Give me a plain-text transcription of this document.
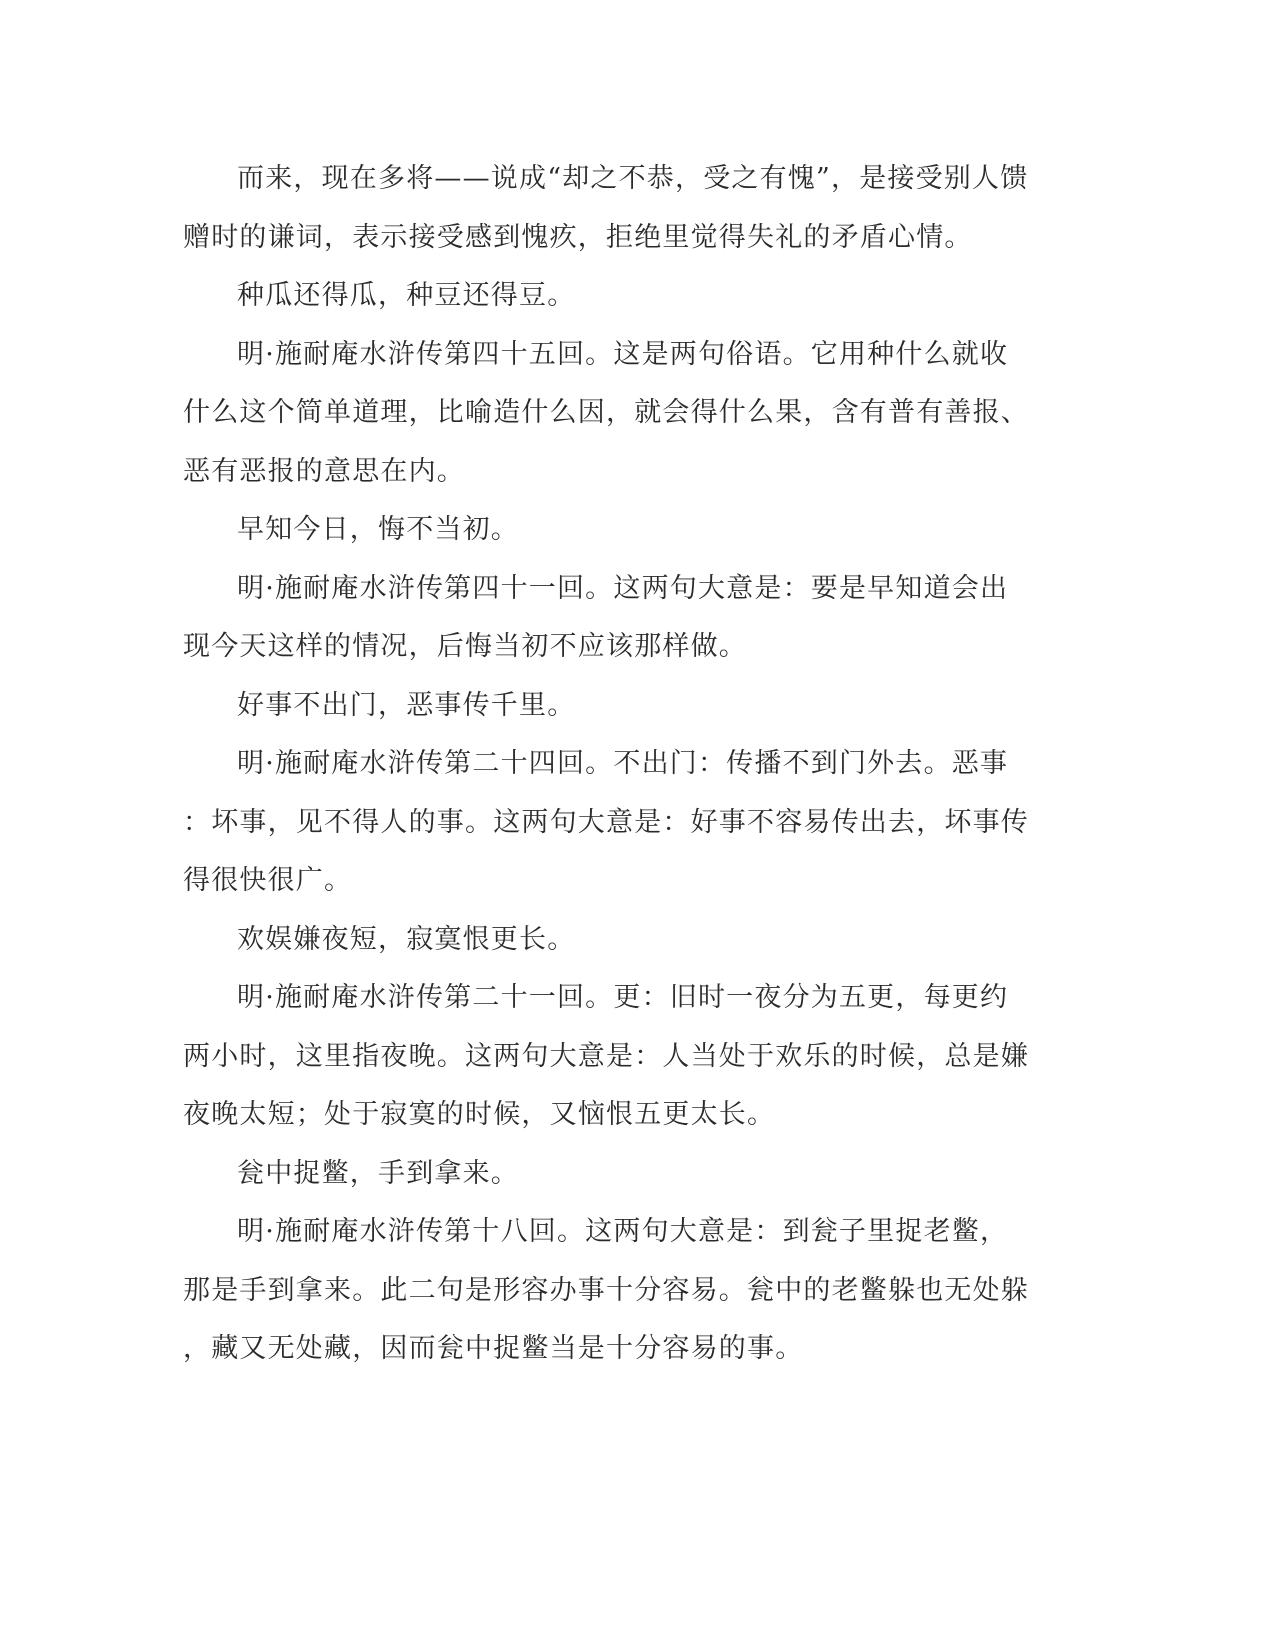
而来，现在多将——说成“却之不恭，受之有愧”，是接受别人馈
赠时的谦词，表示接受感到愧疚，拒绝里觉得失礼的矛盾心情。
种瓜还得瓜，种豆还得豆。
明·施耐庵水浒传第四十五回。这是两句俗语。它用种什么就收
什么这个简单道理，比喻造什么因，就会得什么果，含有普有善报、
恶有恶报的意思在内。
早知今日，悔不当初。
明·施耐庵水浒传第四十一回。这两句大意是：要是早知道会出
现今天这样的情况，后悔当初不应该那样做。
好事不出门，恶事传千里。
明·施耐庵水浒传第二十四回。不出门：传播不到门外去。恶事
：坏事，见不得人的事。这两句大意是：好事不容易传出去，坏事传
得很快很广。
欢娱嫌夜短，寂寞恨更长。
明·施耐庵水浒传第二十一回。更：旧时一夜分为五更，每更约
两小时，这里指夜晚。这两句大意是：人当处于欢乐的时候，总是嫌
夜晚太短；处于寂寞的时候，又恼恨五更太长。
瓮中捉鳖，手到拿来。
明·施耐庵水浒传第十八回。这两句大意是：到瓮子里捉老鳖，
那是手到拿来。此二句是形容办事十分容易。瓮中的老鳖躲也无处躲
，藏又无处藏，因而瓮中捉鳖当是十分容易的事。
